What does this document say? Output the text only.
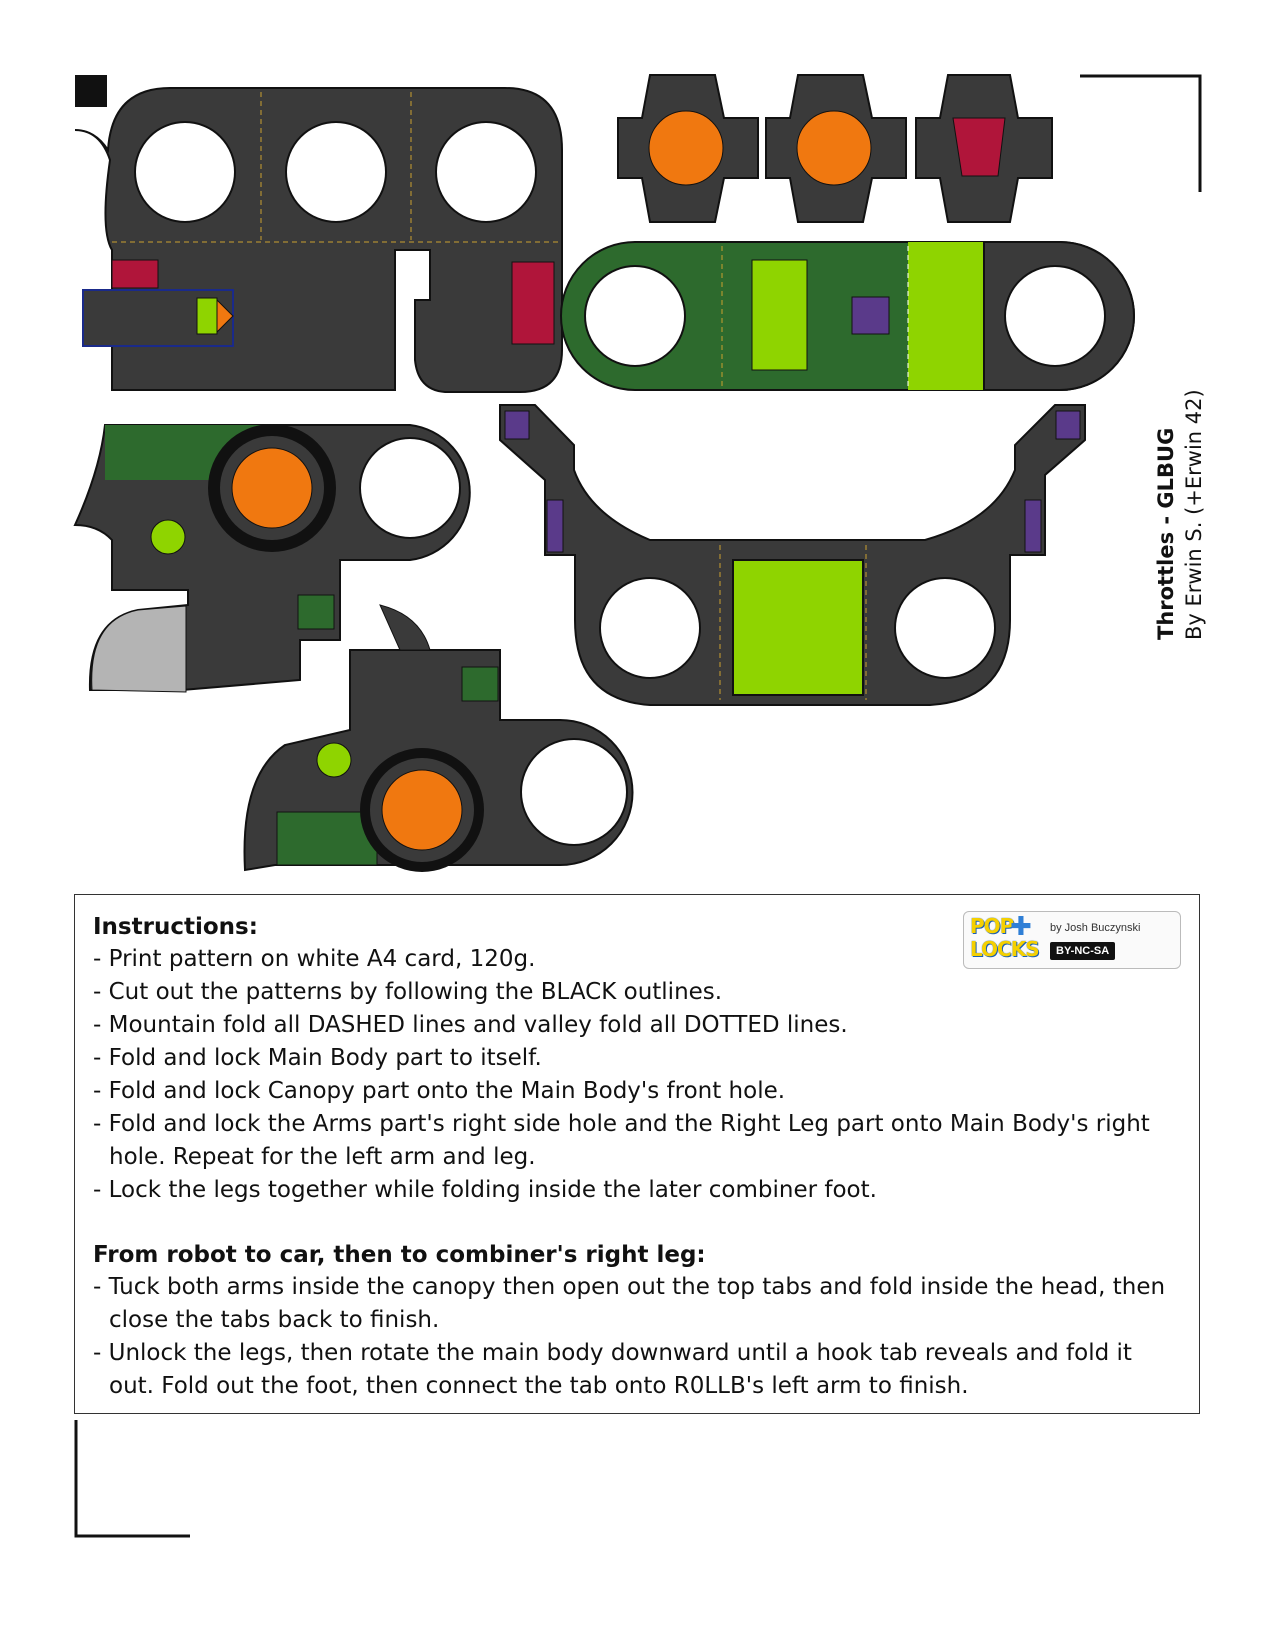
Throttles - GLBUG By Erwin S. (+Erwin 42)
POP
✚
LOCKS
by Josh Buczynski
BY-NC-SA
Instructions:
- Print pattern on white A4 card, 120g.
- Cut out the patterns by following the BLACK outlines.
- Mountain fold all DASHED lines and valley fold all DOTTED lines.
- Fold and lock Main Body part to itself.
- Fold and lock Canopy part onto the Main Body's front hole.
- Fold and lock the Arms part's right side hole and the Right Leg part onto Main Body's right hole. Repeat for the left arm and leg.
- Lock the legs together while folding inside the later combiner foot.
From robot to car, then to combiner's right leg:
- Tuck both arms inside the canopy then open out the top tabs and fold inside the head, then close the tabs back to finish.
- Unlock the legs, then rotate the main body downward until a hook tab reveals and fold it out. Fold out the foot, then connect the tab onto R0LLB's left arm to finish.
